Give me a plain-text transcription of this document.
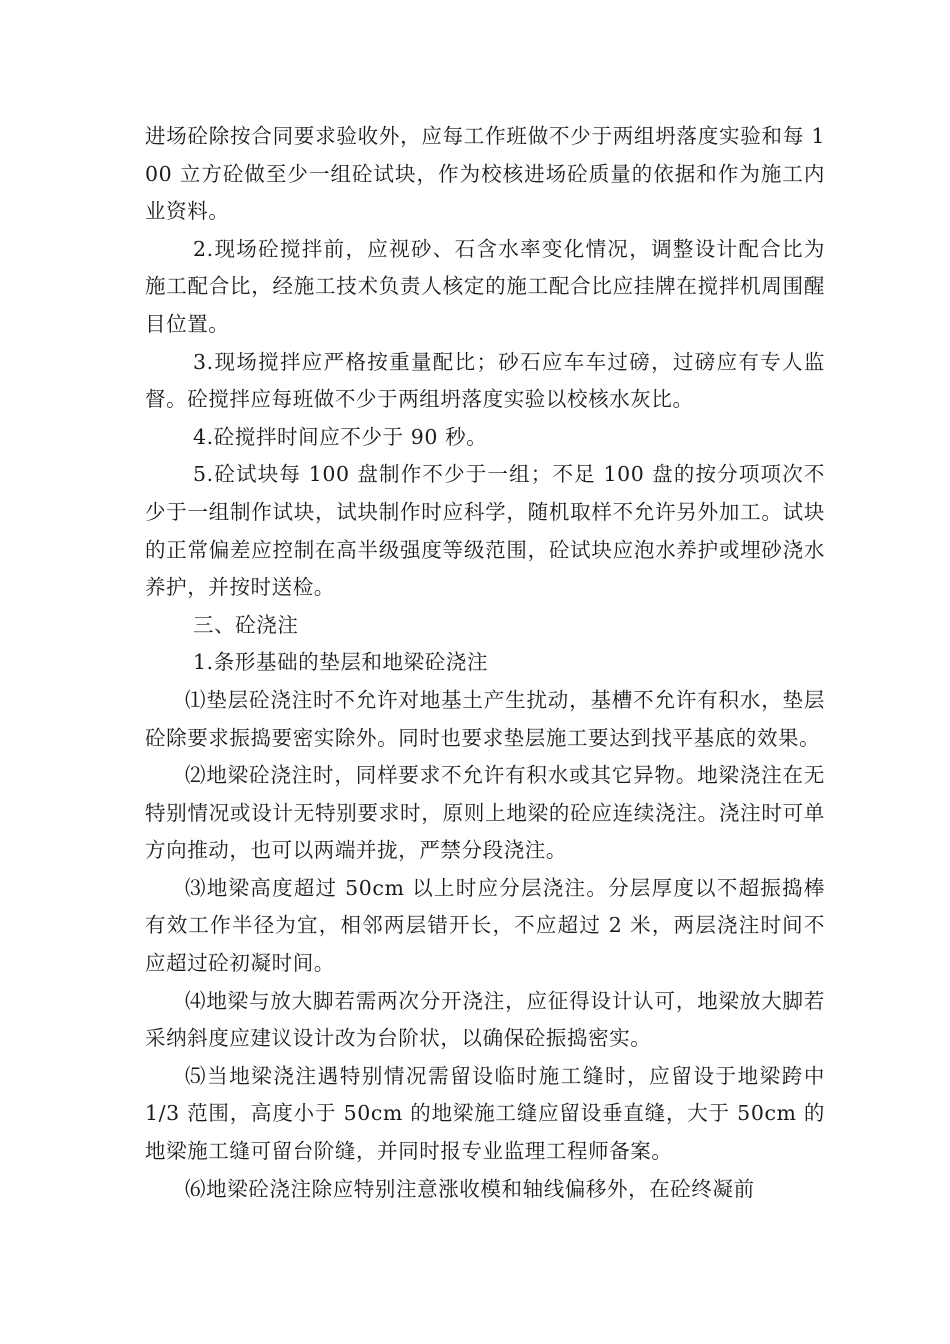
进场砼除按合同要求验收外，应每工作班做不少于两组坍落度实验和每 100 立方砼做至少一组砼试块，作为校核进场砼质量的依据和作为施工内业资料。

2.现场砼搅拌前，应视砂、石含水率变化情况，调整设计配合比为施工配合比，经施工技术负责人核定的施工配合比应挂牌在搅拌机周围醒目位置。

3.现场搅拌应严格按重量配比；砂石应车车过磅，过磅应有专人监督。砼搅拌应每班做不少于两组坍落度实验以校核水灰比。

4.砼搅拌时间应不少于 90 秒。

5.砼试块每 100 盘制作不少于一组；不足 100 盘的按分项项次不少于一组制作试块，试块制作时应科学，随机取样不允许另外加工。试块的正常偏差应控制在高半级强度等级范围，砼试块应泡水养护或埋砂浇水养护，并按时送检。

三、砼浇注

1.条形基础的垫层和地梁砼浇注

⑴垫层砼浇注时不允许对地基土产生扰动，基槽不允许有积水，垫层砼除要求振捣要密实除外。同时也要求垫层施工要达到找平基底的效果。

⑵地梁砼浇注时，同样要求不允许有积水或其它异物。地梁浇注在无特别情况或设计无特别要求时，原则上地梁的砼应连续浇注。浇注时可单方向推动，也可以两端并拢，严禁分段浇注。

⑶地梁高度超过 50cm 以上时应分层浇注。分层厚度以不超振捣棒有效工作半径为宜，相邻两层错开长，不应超过 2 米，两层浇注时间不应超过砼初凝时间。

⑷地梁与放大脚若需两次分开浇注，应征得设计认可，地梁放大脚若采纳斜度应建议设计改为台阶状，以确保砼振捣密实。

⑸当地梁浇注遇特别情况需留设临时施工缝时，应留设于地梁跨中 1/3 范围，高度小于 50cm 的地梁施工缝应留设垂直缝，大于 50cm 的地梁施工缝可留台阶缝，并同时报专业监理工程师备案。

⑹地梁砼浇注除应特别注意涨收模和轴线偏移外，在砼终凝前
